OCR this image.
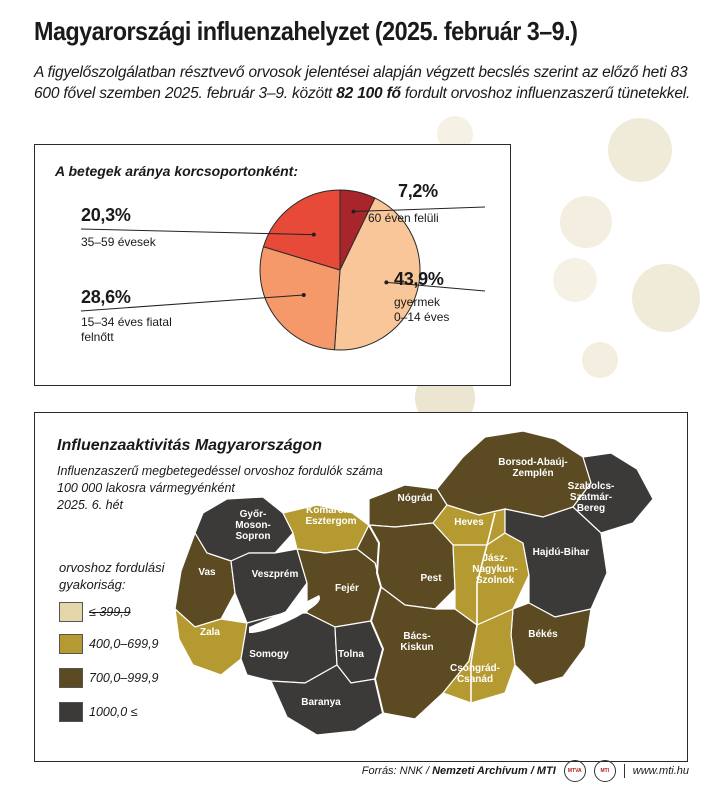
Magyarországi influenzahelyzet (2025. február 3–9.)
A figyelőszolgálatban résztvevő orvosok jelentései alapján végzett becslés szerint az előző heti 83 600 fővel szemben 2025. február 3–9. között 82 100 fő fordult orvoshoz influenzaszerű tünetekkel.
A betegek aránya korcsoportonként:
7,2%
60 éven felüli
20,3%
35–59 évesek
43,9%
gyermek
0–14 éves
28,6%
15–34 éves fiatal
felnőtt
Győr-
Moson-
Sopron
Komárom-
Esztergom
Nógrád
Borsod-Abaúj-
Zemplén
Szabolcs-
Szatmár-
Bereg
Heves
Pest
Jász-
Nagykun-
Szolnok
Hajdú-Bihar
Vas	Veszprém
Fejér
Zala
Somogy	Tolna
Bács-
Kiskun
Békés
Csongrád-
Csanád
Baranya
Influenzaaktivitás Magyarországon
Influenzaszerű megbetegedéssel orvoshoz fordulók száma
100 000 lakosra vármegyénként
2025. 6. hét
orvoshoz fordulási gyakoriság:
≤ 399,9
400,0–699,9
700,0–999,9
1000,0 ≤
Forrás: NNK / Nemzeti Archívum / MTI	MTVA	MTI	www.mti.hu
